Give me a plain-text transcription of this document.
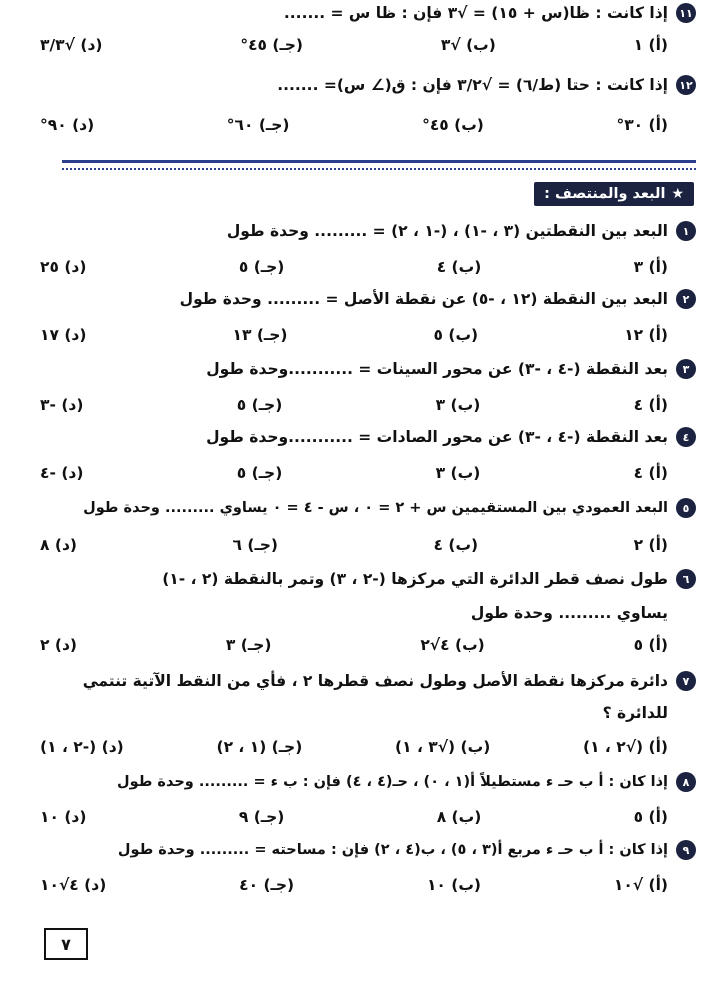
١١
إذا كانت : ظا(س + ١٥) = √٣ فإن : ظا س = .......
(أ) ١
(ب) √٣
(جـ) ٤٥°
(د) √٣/٣
١٢
إذا كانت : حتا (ط/٦) = √٣/٢ فإن : ق(∠ س)= .......
(أ) ٣٠°
(ب) ٤٥°
(جـ) ٦٠°
(د) ٩٠°
★
البعد والمنتصف :
١
البعد بين النقطتين (٣ ، -١) ، (-١ ، ٢) = ......... وحدة طول
(أ) ٣
(ب) ٤
(جـ) ٥
(د) ٢٥
٢
البعد بين النقطة (١٢ ، -٥) عن نقطة الأصل = ......... وحدة طول
(أ) ١٢
(ب) ٥
(جـ) ١٣
(د) ١٧
٣
بعد النقطة (-٤ ، -٣) عن محور السينات = ...........وحدة طول
(أ) ٤
(ب) ٣
(جـ) ٥
(د) -٣
٤
بعد النقطة (-٤ ، -٣) عن محور الصادات = ...........وحدة طول
(أ) ٤
(ب) ٣
(جـ) ٥
(د) -٤
٥
البعد العمودي بين المستقيمين س + ٢ = ٠ ، س - ٤ = ٠ يساوي ......... وحدة طول
(أ) ٢
(ب) ٤
(جـ) ٦
(د) ٨
٦
طول نصف قطر الدائرة التي مركزها (-٢ ، ٣) وتمر بالنقطة (٢ ، -١)
يساوي ......... وحدة طول
(أ) ٥
(ب) ٤√٢
(جـ) ٣
(د) ٢
٧
دائرة مركزها نقطة الأصل وطول نصف قطرها ٢ ، فأي من النقط الآتية تنتمي
للدائرة ؟
(أ) (√٢ ، ١)
(ب) (√٣ ، ١)
(جـ) (١ ، ٢)
(د) (-٢ ، ١)
٨
إذا كان : أ ب حـ ء مستطيلاً أ(١ ، ٠) ، حـ(٤ ، ٤) فإن : ب ء = ......... وحدة طول
(أ) ٥
(ب) ٨
(جـ) ٩
(د) ١٠
٩
إذا كان : أ ب حـ ء مربع أ(٣ ، ٥) ، ب(٤ ، ٢) فإن : مساحته = ......... وحدة طول
(أ) √١٠
(ب) ١٠
(جـ) ٤٠
(د) ٤√١٠
٧
